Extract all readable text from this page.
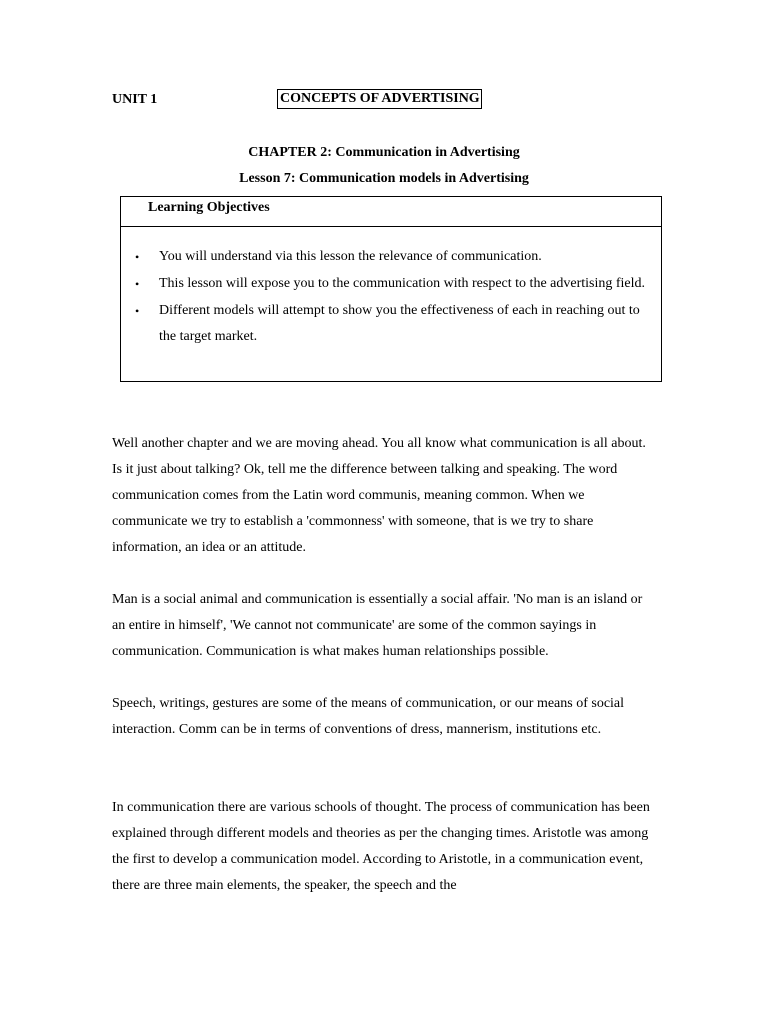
UNIT 1	CONCEPTS OF ADVERTISING
CHAPTER 2: Communication in Advertising
Lesson 7: Communication models in Advertising
Learning Objectives
• You will understand via this lesson the relevance of communication.
• This lesson will expose you to the communication with respect to the advertising field.
• Different models will attempt to show you the effectiveness of each in reaching out to the target market.

Well another chapter and we are moving ahead. You all know what communication is all about. Is it just about talking? Ok, tell me the difference between talking and speaking. The word communication comes from the Latin word communis, meaning common. When we communicate we try to establish a 'commonness' with someone, that is we try to share information, an idea or an attitude.

Man is a social animal and communication is essentially a social affair. 'No man is an island or an entire in himself', 'We cannot not communicate' are some of the common sayings in communication. Communication is what makes human relationships possible.

Speech, writings, gestures are some of the means of communication, or our means of social interaction. Comm can be in terms of conventions of dress, mannerism, institutions etc.

In communication there are various schools of thought. The process of communication has been explained through different models and theories as per the changing times. Aristotle was among the first to develop a communication model. According to Aristotle, in a communication event, there are three main elements, the speaker, the speech and the
